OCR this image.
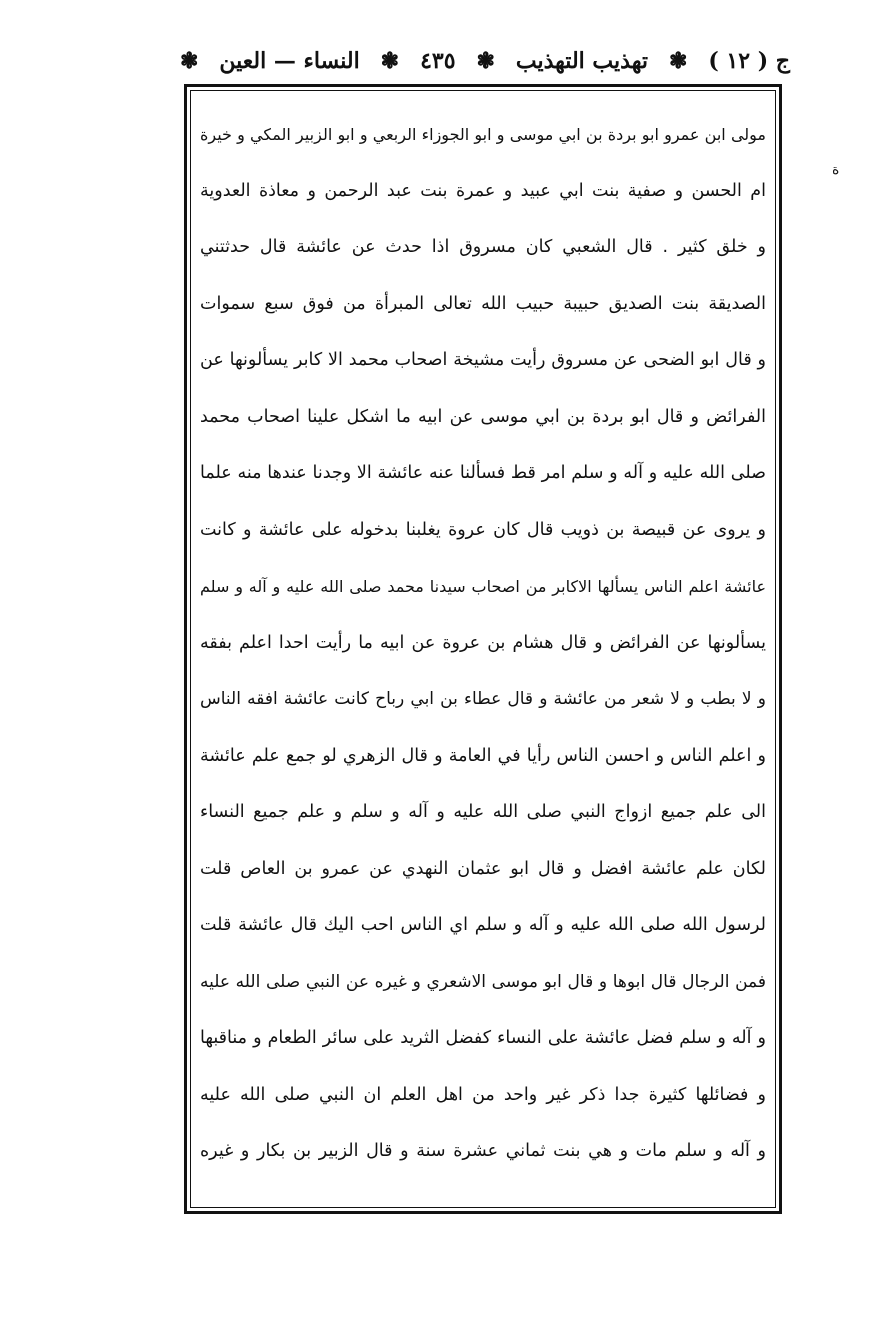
ج ( ١٢ )
❃
تهذيب التهذيب
❃
٤٣٥
❃
النساء — العين
❃
ة
مولى ابن عمرو ابو بردة بن ابي موسى و ابو الجوزاء الربعي و ابو الزبير المكي و خيرة
ام الحسن و صفية بنت ابي عبيد و عمرة بنت عبد الرحمن و معاذة العدوية
و خلق كثير . قال الشعبي كان مسروق اذا حدث عن عائشة قال حدثتني
الصديقة بنت الصديق حبيبة حبيب الله تعالى المبرأة من فوق سبع سموات
و قال ابو الضحى عن مسروق رأيت مشيخة اصحاب محمد الا كابر يسألونها عن
الفرائض و قال ابو بردة بن ابي موسى عن ابيه ما اشكل علينا اصحاب محمد
صلى الله عليه و آله و سلم امر قط فسألنا عنه عائشة الا وجدنا عندها منه علما
و يروى عن قبيصة بن ذويب قال كان عروة يغلبنا بدخوله على عائشة و كانت
عائشة اعلم الناس يسألها الاكابر من اصحاب سيدنا محمد صلى الله عليه و آله و سلم
يسألونها عن الفرائض و قال هشام بن عروة عن ابيه ما رأيت احدا اعلم بفقه
و لا بطب و لا شعر من عائشة و قال عطاء بن ابي رباح كانت عائشة افقه الناس
و اعلم الناس و احسن الناس رأيا في العامة و قال الزهري لو جمع علم عائشة
الى علم جميع ازواج النبي صلى الله عليه و آله و سلم و علم جميع النساء
لكان علم عائشة افضل و قال ابو عثمان النهدي عن عمرو بن العاص قلت
لرسول الله صلى الله عليه و آله و سلم اي الناس احب اليك قال عائشة قلت
فمن الرجال قال ابوها و قال ابو موسى الاشعري و غيره عن النبي صلى الله عليه
و آله و سلم فضل عائشة على النساء كفضل الثريد على سائر الطعام و مناقبها
و فضائلها كثيرة جدا ذكر غير واحد من اهل العلم ان النبي صلى الله عليه
و آله و سلم مات و هي بنت ثماني عشرة سنة و قال الزبير بن بكار و غيره
